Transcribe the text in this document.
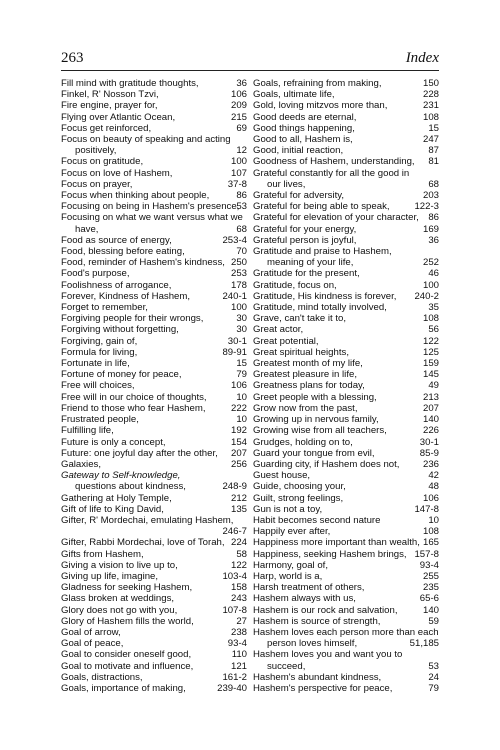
263	Index
Fill mind with gratitude thoughts,	36
Finkel, R' Nosson Tzvi,	106
Fire engine, prayer for,	209
Flying over Atlantic Ocean,	215
Focus get reinforced,	69
Focus on beauty of speaking and acting
positively,	12
Focus on gratitude,	100
Focus on love of Hashem,	107
Focus on prayer,	37-8
Focus when thinking about people,	86
Focusing on being in Hashem's presence,
53
Focusing on what we want versus what we
have,	68
Food as source of energy,	253-4
Food, blessing before eating,	70
Food, reminder of Hashem's kindness, 250
Food's purpose,	253
Foolishness of arrogance,	178
Forever, Kindness of Hashem,	240-1
Forget to remember,	100
Forgiving people for their wrongs,	30
Forgiving without forgetting,	30
Forgiving, gain of,	30-1
Formula for living,	89-91
Fortunate in life,	15
Fortune of money for peace,	79
Free will choices,	106
Free will in our choice of thoughts,	10
Friend to those who fear Hashem,	222
Frustrated people,	10
Fulfilling life,	192
Future is only a concept,	154
Future: one joyful day after the other, 207
Galaxies,	256
Gateway to Self-knowledge,
questions about kindness,	248-9
Gathering at Holy Temple,	212
Gift of life to King David,	135
Gifter, R' Mordechai, emulating Hashem,

246-7
Gifter, Rabbi Mordechai, love of Torah, 224
Gifts from Hashem,	58
Giving a vision to live up to,	122
Giving up life, imagine,	103-4
Gladness for seeking Hashem,	158
Glass broken at weddings,	243
Glory does not go with you,	107-8
Glory of Hashem fills the world,	27
Goal of arrow,	238
Goal of peace,	93-4
Goal to consider oneself good,	110
Goal to motivate and influence,	121
Goals, distractions,	161-2
Goals, importance of making,	239-40
Goals, refraining from making,	150
Goals, ultimate life,	228
Gold, loving mitzvos more than,	231
Good deeds are eternal,	108
Good things happening,	15
Good to all, Hashem is,	247
Good, initial reaction,	87
Goodness of Hashem, understanding, 81
Grateful constantly for all the good in
our lives,	68
Grateful for adversity,	203
Grateful for being able to speak,	122-3
Grateful for elevation of your character, 86
Grateful for your energy,	169
Grateful person is joyful,	36
Gratitude and praise to Hashem,
meaning of your life,	252
Gratitude for the present,	46
Gratitude, focus on,	100
Gratitude, His kindness is forever, 240-2
Gratitude, mind totally involved,	35
Grave, can't take it to,	108
Great actor,	56
Great potential,	122
Great spiritual heights,	125
Greatest month of my life,	159
Greatest pleasure in life,	145
Greatness plans for today,	49
Greet people with a blessing,	213
Grow now from the past,	207
Growing up in nervous family,	140
Growing wise from all teachers,	226
Grudges, holding on to,	30-1
Guard your tongue from evil,	85-9
Guarding city, if Hashem does not, 236
Guest house,	42
Guide, choosing your,	48
Guilt, strong feelings,	106
Gun is not a toy,	147-8
Habit becomes second nature	10
Happily ever after,	108
Happiness more important than wealth, 165
Happiness, seeking Hashem brings, 157-8
Harmony, goal of,	93-4
Harp, world is a,	255
Harsh treatment of others,	235
Hashem always with us,	65-6
Hashem is our rock and salvation,	140
Hashem is source of strength,	59
Hashem loves each person more than each
person loves himself,	51,185
Hashem loves you and want you to
succeed,	53
Hashem's abundant kindness,	24
Hashem's perspective for peace,	79
